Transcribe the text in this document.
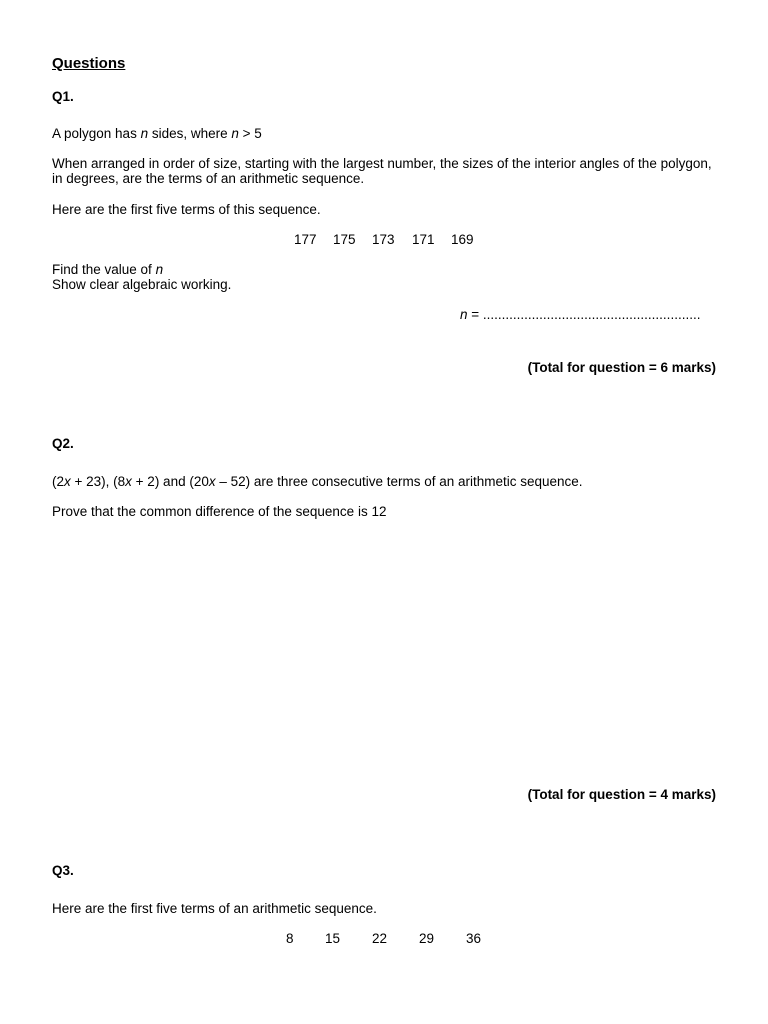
Questions
Q1.
A polygon has n sides, where n > 5
When arranged in order of size, starting with the largest number, the sizes of the interior angles of the polygon, in degrees, are the terms of an arithmetic sequence.
Here are the first five terms of this sequence.
177 175 173 171 169
Find the value of n
Show clear algebraic working.
n = ..........................................................
(Total for question = 6 marks)
Q2.
(2x + 23), (8x + 2) and (20x – 52) are three consecutive terms of an arithmetic sequence.
Prove that the common difference of the sequence is 12
(Total for question = 4 marks)
Q3.
Here are the first five terms of an arithmetic sequence.
8 15 22 29 36
